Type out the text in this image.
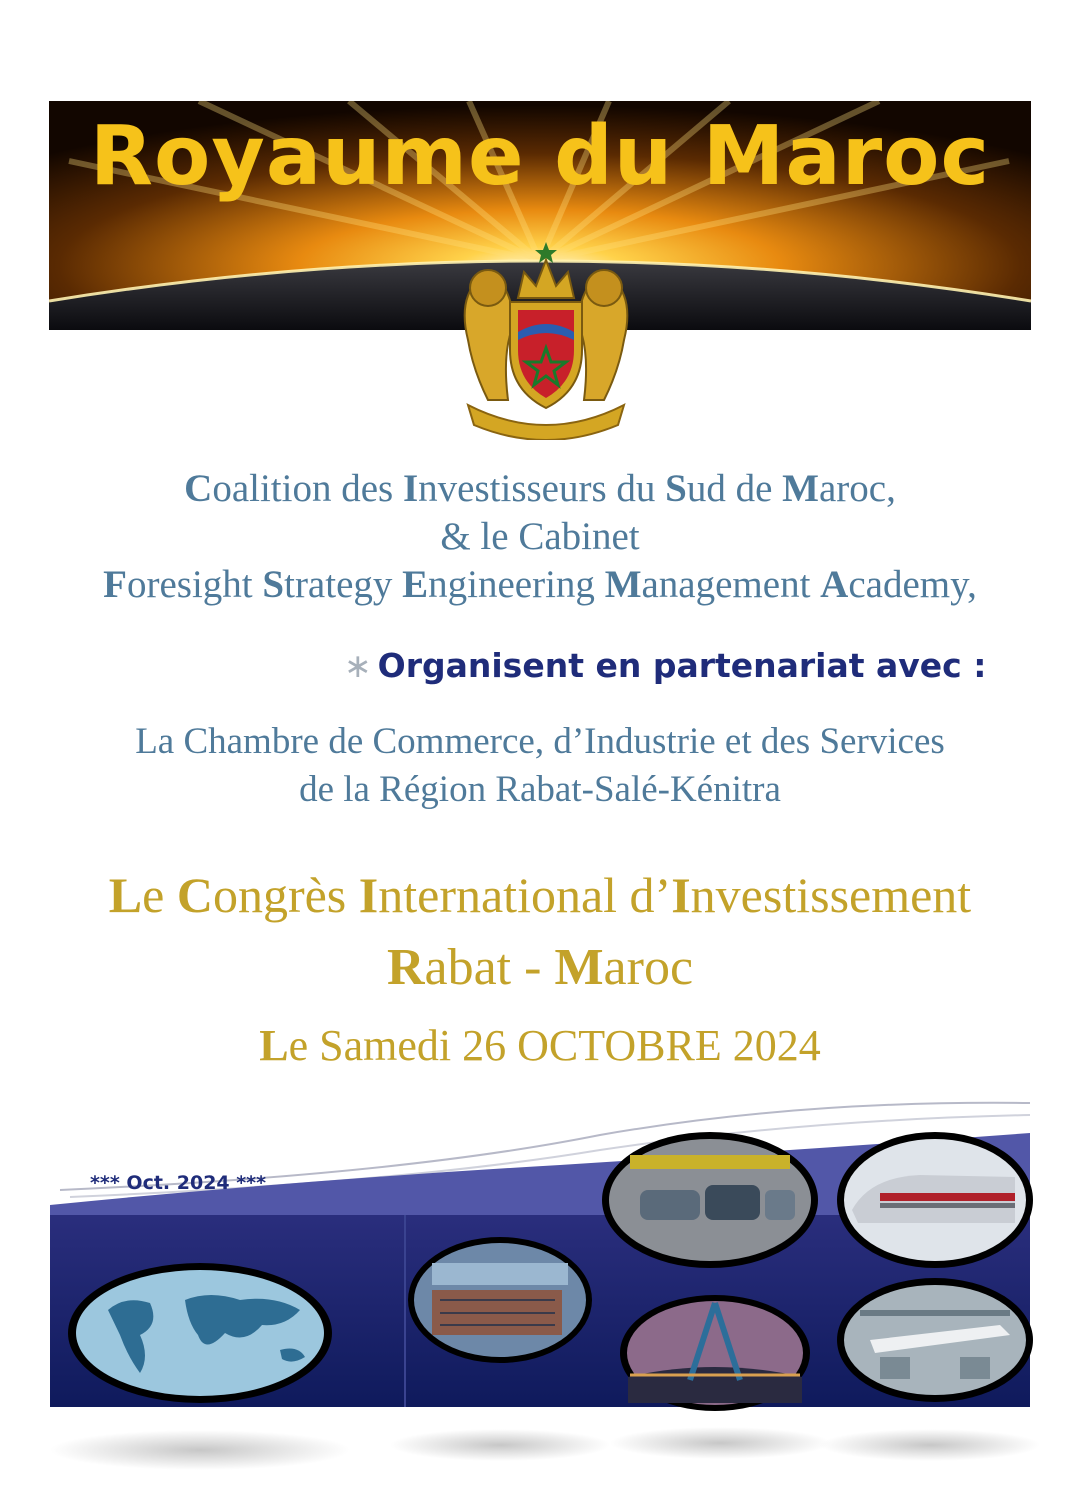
Royaume du Maroc
Coalition des Investisseurs du Sud de Maroc,
& le Cabinet
Foresight Strategy Engineering Management Academy,
∗ Organisent en partenariat avec :
La Chambre de Commerce, d’Industrie et des Services
de la Région Rabat-Salé-Kénitra
Le Congrès International d’Investissement
Rabat - Maroc
Le Samedi 26 OCTOBRE 2024
*** Oct. 2024 ***
